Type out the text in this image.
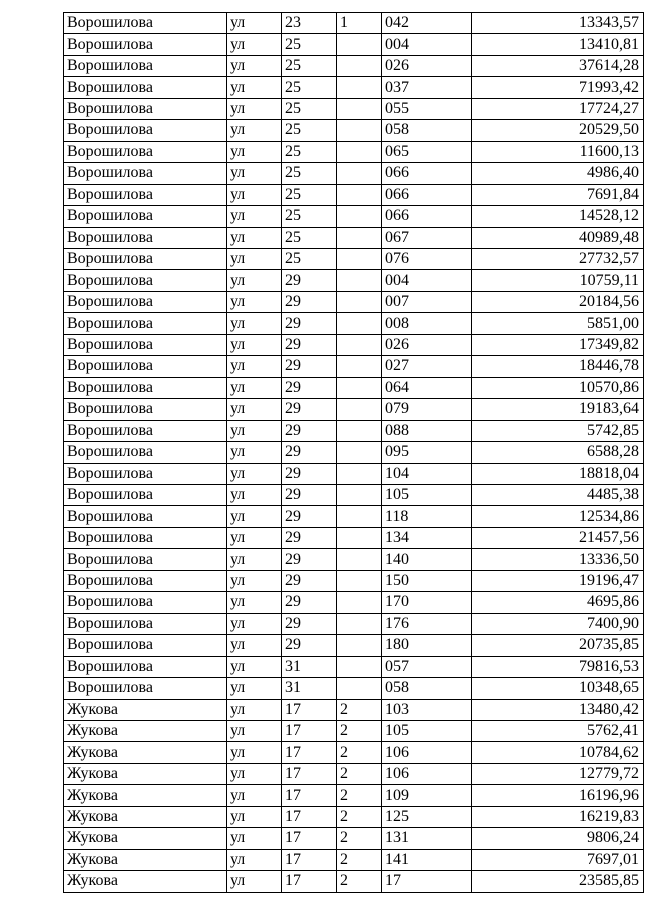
Ворошилова	ул	23	1	042	13343,57
Ворошилова	ул	25		004	13410,81
Ворошилова	ул	25		026	37614,28
Ворошилова	ул	25		037	71993,42
Ворошилова	ул	25		055	17724,27
Ворошилова	ул	25		058	20529,50
Ворошилова	ул	25		065	11600,13
Ворошилова	ул	25		066	4986,40
Ворошилова	ул	25		066	7691,84
Ворошилова	ул	25		066	14528,12
Ворошилова	ул	25		067	40989,48
Ворошилова	ул	25		076	27732,57
Ворошилова	ул	29		004	10759,11
Ворошилова	ул	29		007	20184,56
Ворошилова	ул	29		008	5851,00
Ворошилова	ул	29		026	17349,82
Ворошилова	ул	29		027	18446,78
Ворошилова	ул	29		064	10570,86
Ворошилова	ул	29		079	19183,64
Ворошилова	ул	29		088	5742,85
Ворошилова	ул	29		095	6588,28
Ворошилова	ул	29		104	18818,04
Ворошилова	ул	29		105	4485,38
Ворошилова	ул	29		118	12534,86
Ворошилова	ул	29		134	21457,56
Ворошилова	ул	29		140	13336,50
Ворошилова	ул	29		150	19196,47
Ворошилова	ул	29		170	4695,86
Ворошилова	ул	29		176	7400,90
Ворошилова	ул	29		180	20735,85
Ворошилова	ул	31		057	79816,53
Ворошилова	ул	31		058	10348,65
Жукова	ул	17	2	103	13480,42
Жукова	ул	17	2	105	5762,41
Жукова	ул	17	2	106	10784,62
Жукова	ул	17	2	106	12779,72
Жукова	ул	17	2	109	16196,96
Жукова	ул	17	2	125	16219,83
Жукова	ул	17	2	131	9806,24
Жукова	ул	17	2	141	7697,01
Жукова	ул	17	2	17	23585,85
